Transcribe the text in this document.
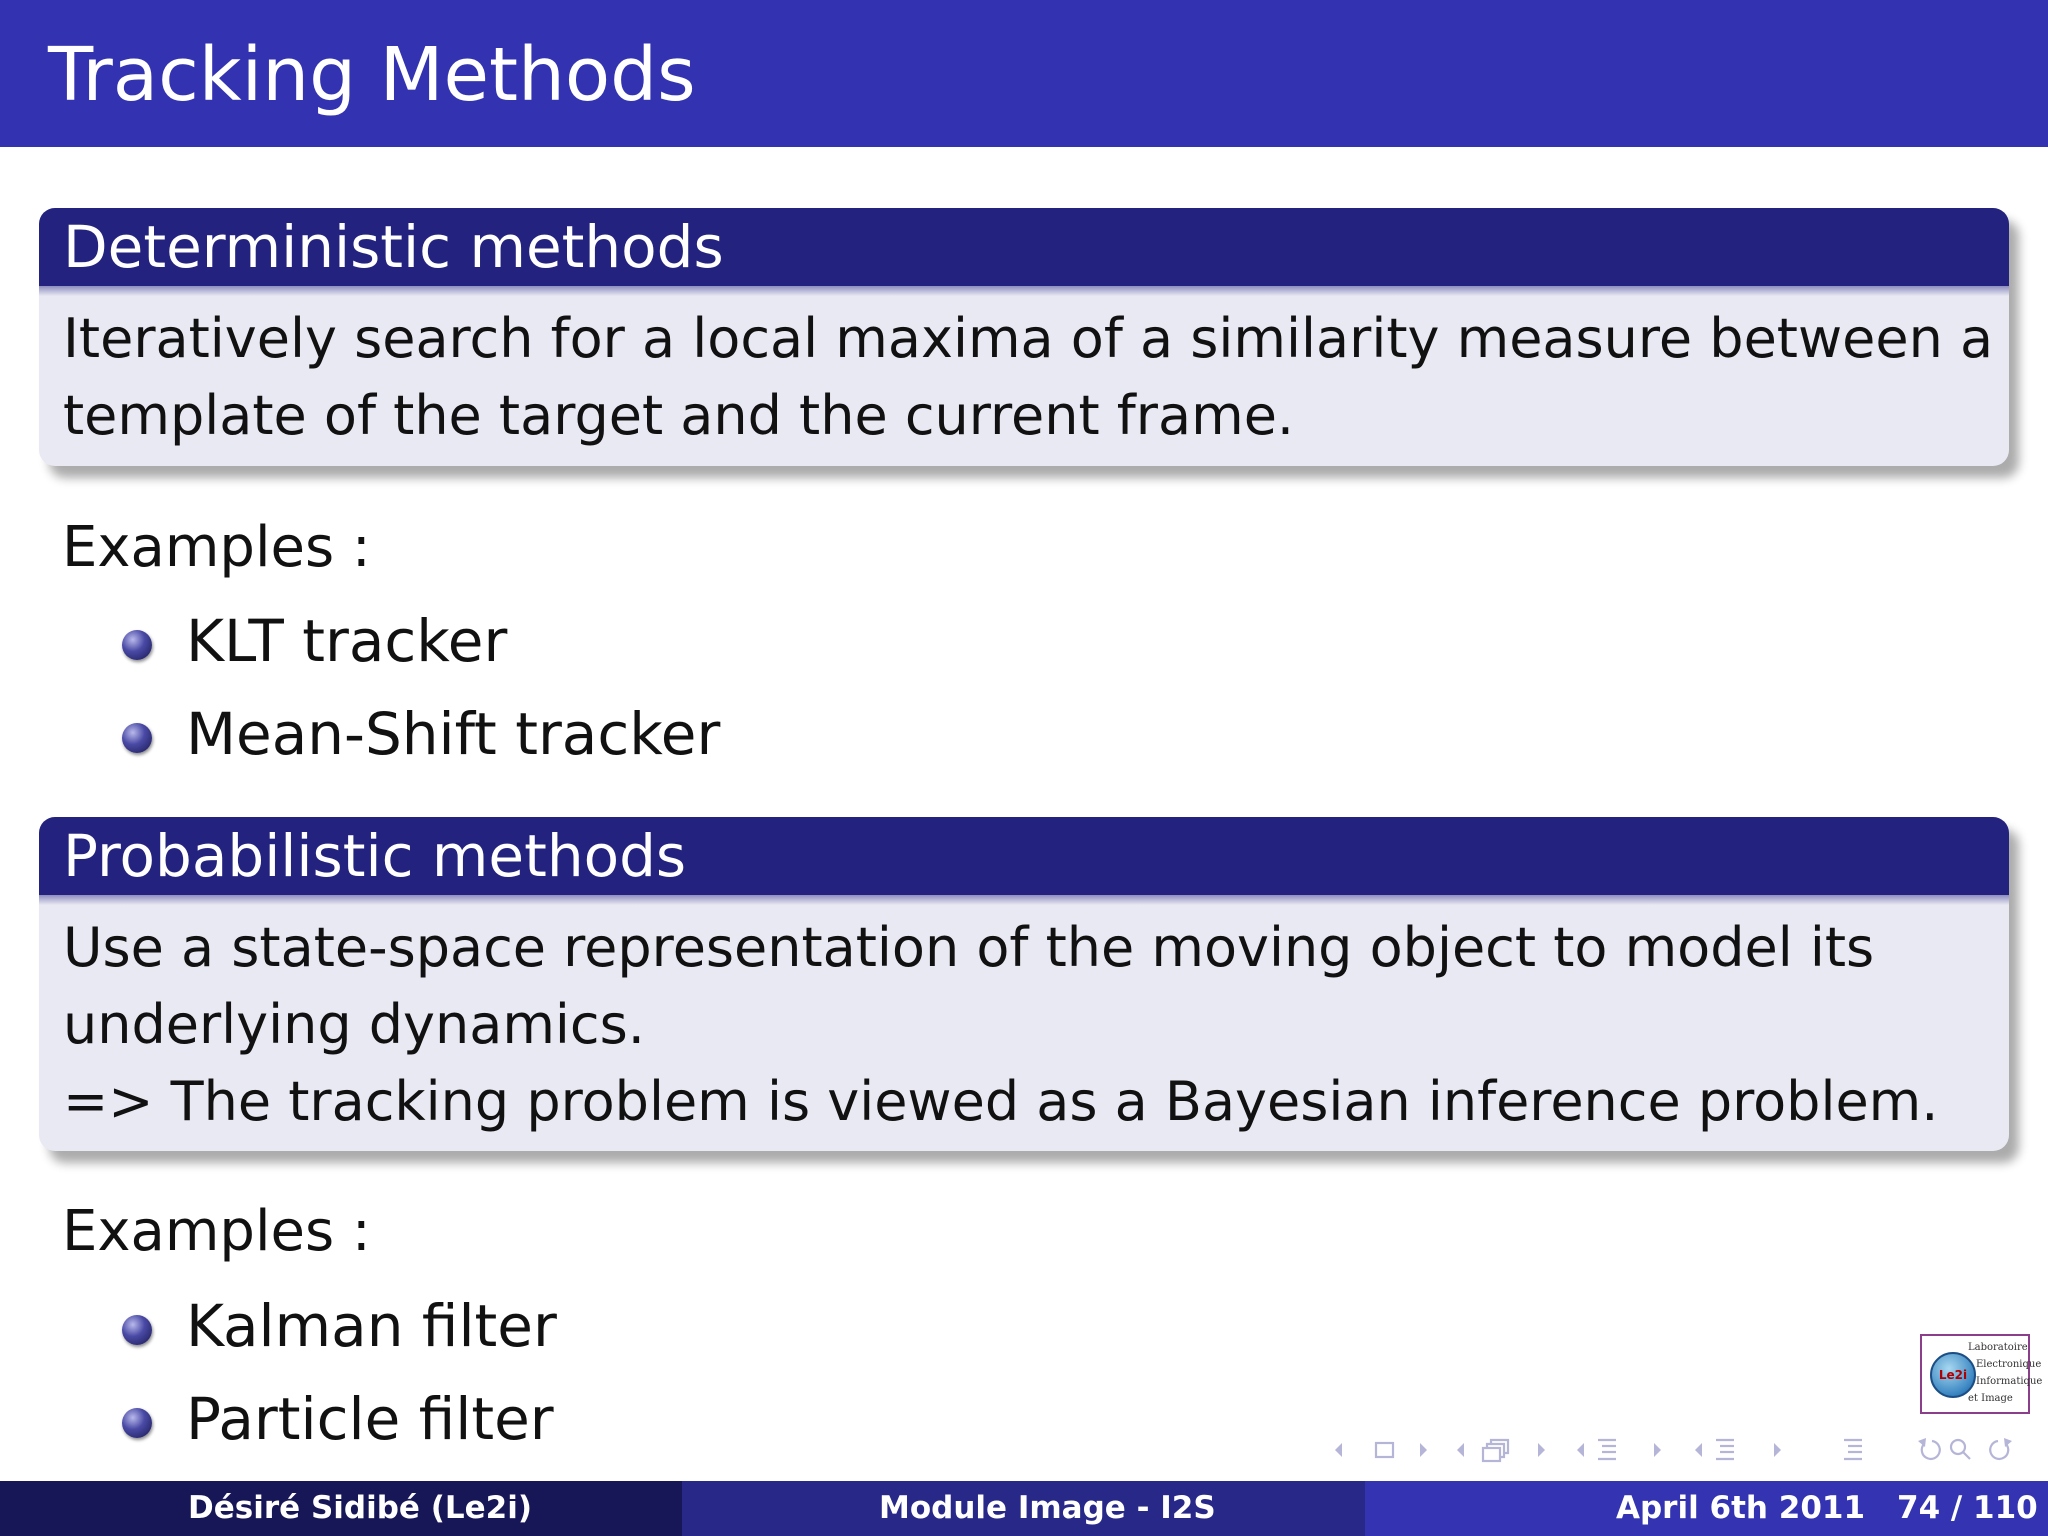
Tracking Methods
Deterministic methods
Iteratively search for a local maxima of a similarity measure between a
template of the target and the current frame.
Examples :
KLT tracker
Mean-Shift tracker
Probabilistic methods
Use a state-space representation of the moving object to model its
underlying dynamics.
=> The tracking problem is viewed as a Bayesian inference problem.
Examples :
Kalman filter
Particle filter
Le2i
Laboratoire
Electronique
Informatique
et Image
Désiré Sidibé (Le2i)	Module Image - I2S	April 6th 2011 74 / 110
